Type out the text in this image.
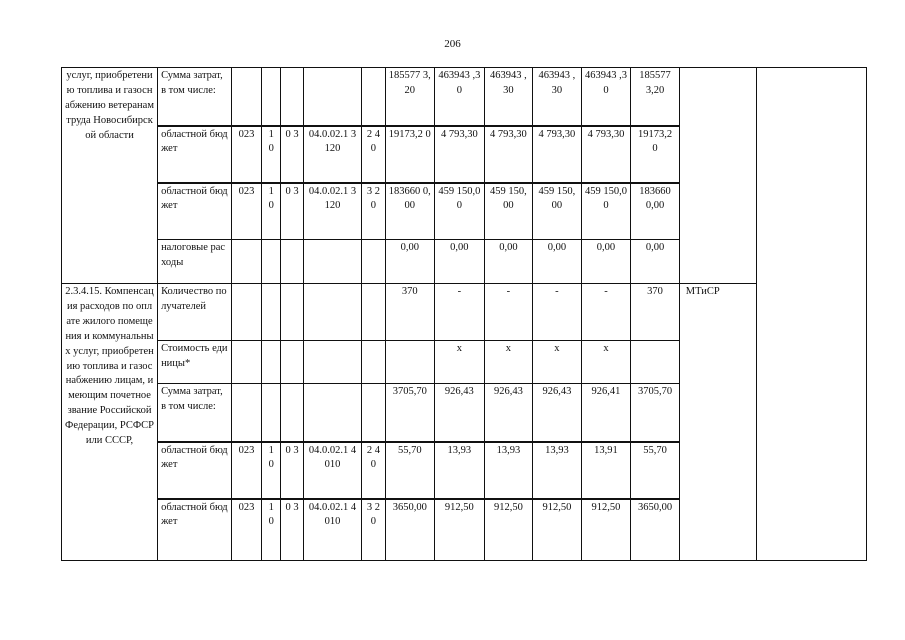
206
услуг, приобретению топлива и газоснабжению ветеранам труда Новосибирской области	Сумма затрат, в том числе:						185577 3,20	463943 ,30	463943 ,30	463943 ,30	463943 ,30	185577 3,20		
	областной бюджет	023	1 0	0 3	04.0.02.1 3120	2 4 0	19173,2 0	4 793,30	4 793,30	4 793,30	4 793,30	19173,2 0		
	областной бюджет	023	1 0	0 3	04.0.02.1 3120	3 2 0	183660 0,00	459 150,00	459 150,00	459 150,00	459 150,00	183660 0,00		
	налоговые расходы						0,00	0,00	0,00	0,00	0,00	0,00		
2.3.4.15. Компенсация расходов по оплате жилого помещения и коммунальных услуг, приобретению топлива и газоснабжению лицам, имеющим почетное звание Российской Федерации, РСФСР или СССР,	Количество получателей						370	-	-	-	-	370	МТиСР	
	Стоимость единицы*							x	x	x	x			
	Сумма затрат, в том числе:						3705,70	926,43	926,43	926,43	926,41	3705,70		
	областной бюджет	023	1 0	0 3	04.0.02.1 4010	2 4 0	55,70	13,93	13,93	13,93	13,91	55,70		
	областной бюджет	023	1 0	0 3	04.0.02.1 4010	3 2 0	3650,00	912,50	912,50	912,50	912,50	3650,00		
